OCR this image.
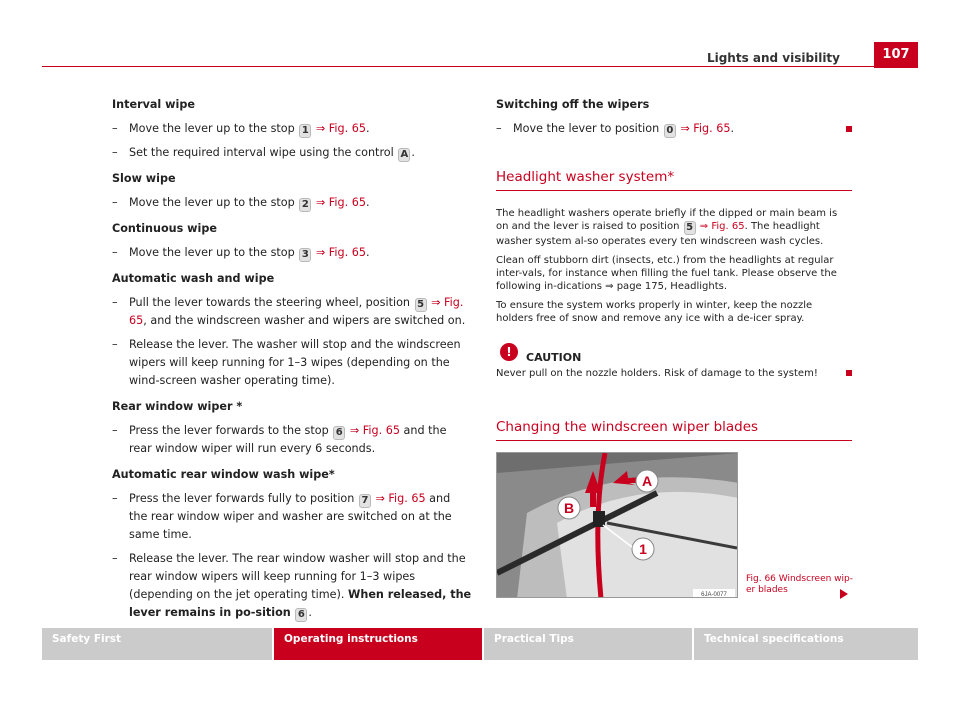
Lights and visibility	107
Interval wipe
– Move the lever up to the stop 1 ⇒ Fig. 65.
– Set the required interval wipe using the control A .
Slow wipe
– Move the lever up to the stop 2 ⇒ Fig. 65.
Continuous wipe
– Move the lever up to the stop 3 ⇒ Fig. 65.
Automatic wash and wipe
– Pull the lever towards the steering wheel, position 5 ⇒ Fig. 65, and the windscreen washer and wipers are switched on.
– Release the lever. The washer will stop and the windscreen wipers will keep running for 1–3 wipes (depending on the wind-screen washer operating time).
Rear window wiper *
– Press the lever forwards to the stop 6 ⇒ Fig. 65 and the rear window wiper will run every 6 seconds.
Automatic rear window wash wipe*
– Press the lever forwards fully to position 7 ⇒ Fig. 65 and the rear window wiper and washer are switched on at the same time.
– Release the lever. The rear window washer will stop and the rear window wipers will keep running for 1–3 wipes (depending on the jet operating time). When released, the lever remains in po-sition 6 .
Switching off the wipers
– Move the lever to position 0 ⇒ Fig. 65.
Headlight washer system*
The headlight washers operate briefly if the dipped or main beam is on and the lever is raised to position 5 ⇒ Fig. 65. The headlight washer system al-so operates every ten windscreen wash cycles.
Clean off stubborn dirt (insects, etc.) from the headlights at regular inter-vals, for instance when filling the fuel tank. Please observe the following in-dications ⇒ page 175, Headlights.
To ensure the system works properly in winter, keep the nozzle holders free of snow and remove any ice with a de-icer spray.
!	CAUTION
Never pull on the nozzle holders. Risk of damage to the system!
Changing the windscreen wiper blades
A
B
1
6JA-0077
Fig. 66 Windscreen wip-er blades
Safety First	Operating instructions	Practical Tips	Technical specifications
